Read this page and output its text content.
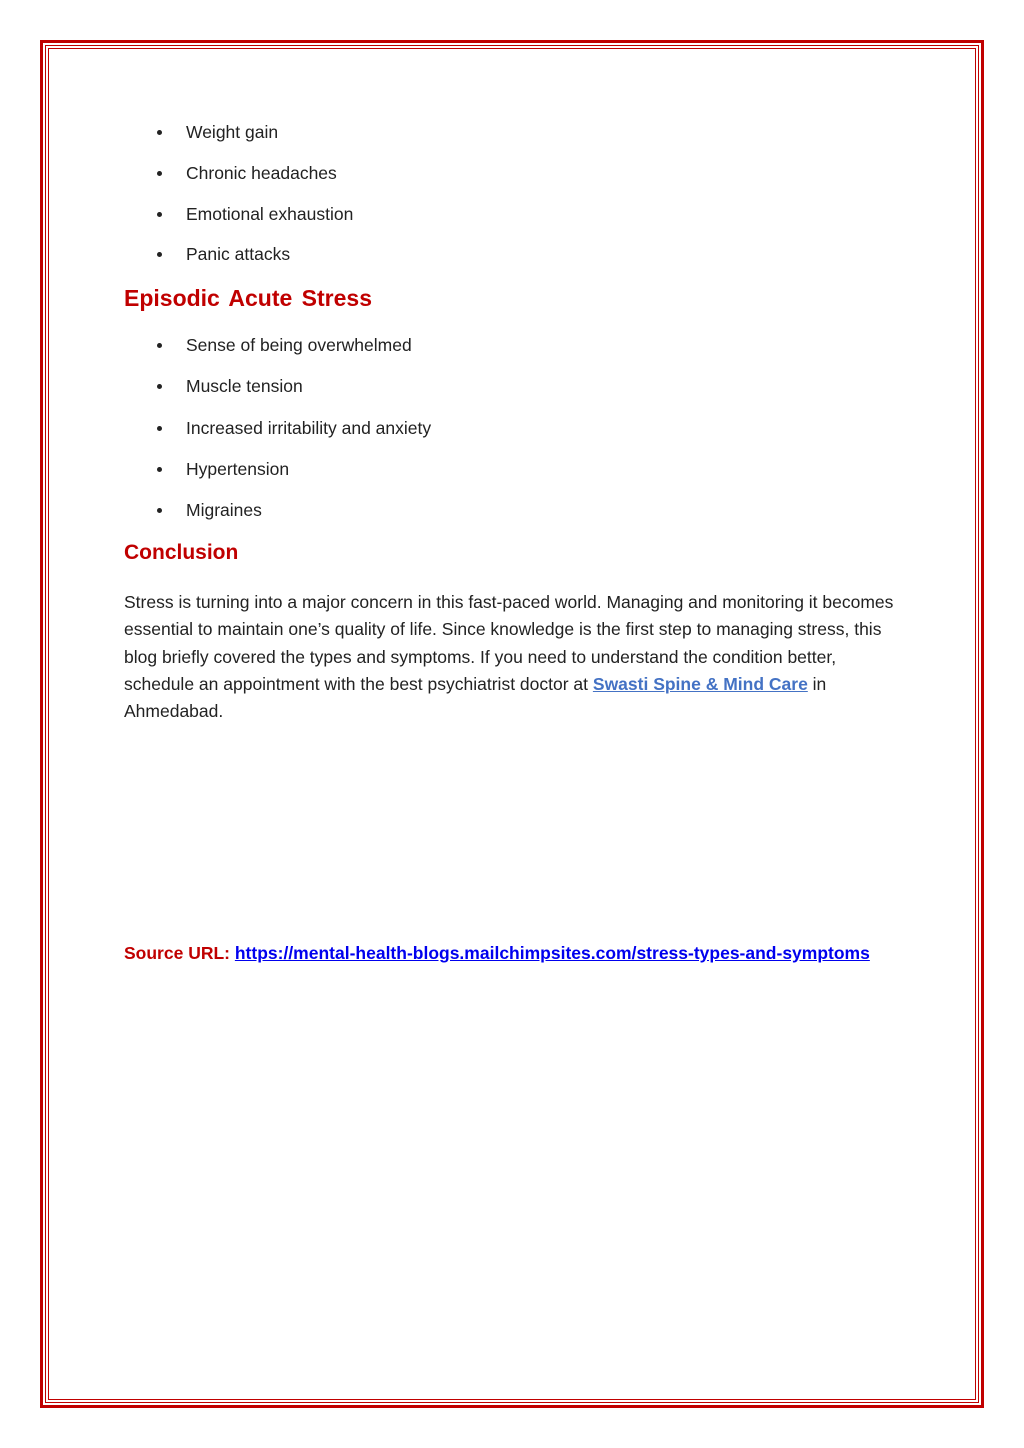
Weight gain
Chronic headaches
Emotional exhaustion
Panic attacks
Episodic Acute Stress
Sense of being overwhelmed
Muscle tension
Increased irritability and anxiety
Hypertension
Migraines
Conclusion

Stress is turning into a major concern in this fast-paced world. Managing and monitoring it becomes essential to maintain one’s quality of life. Since knowledge is the first step to managing stress, this blog briefly covered the types and symptoms. If you need to understand the condition better, schedule an appointment with the best psychiatrist doctor at Swasti Spine & Mind Care in Ahmedabad.

Source URL: https://mental-health-blogs.mailchimpsites.com/stress-types-and-symptoms
